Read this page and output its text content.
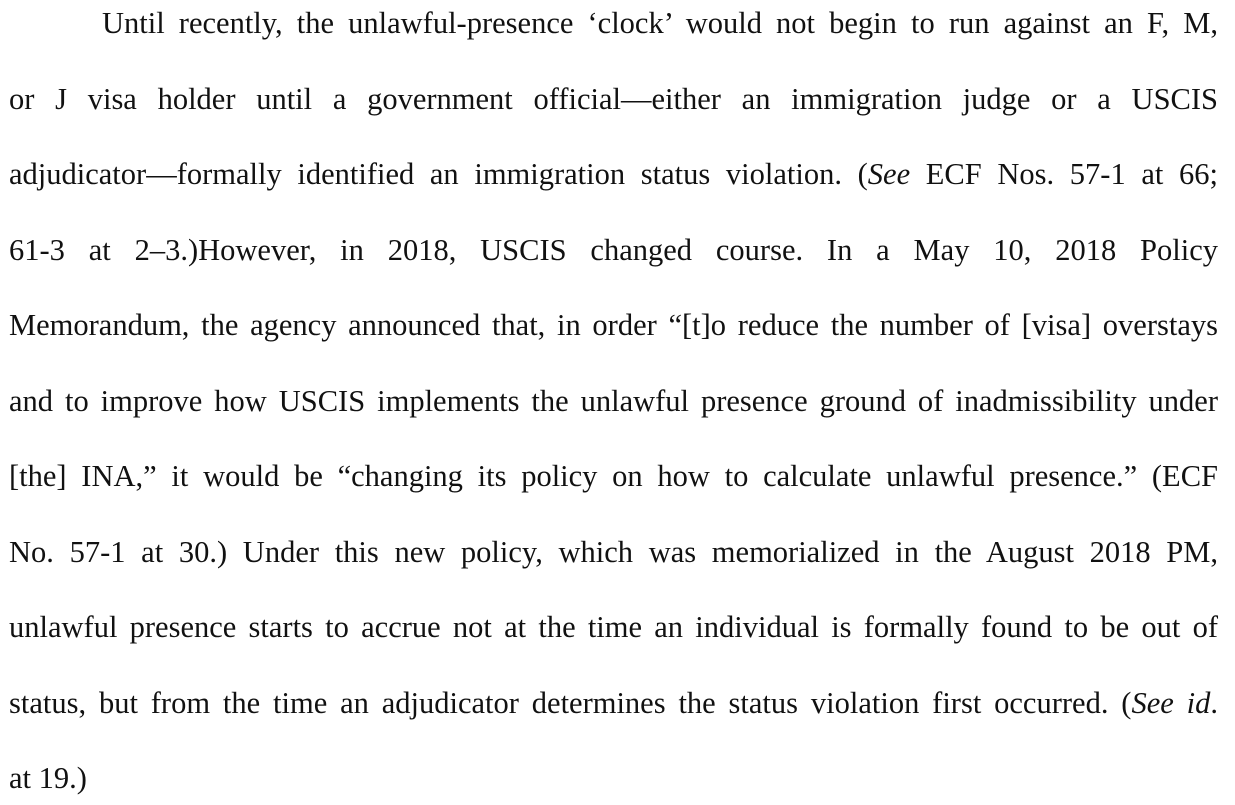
Until recently, the unlawful-presence ‘clock’ would not begin to run against an F, M,
or J visa holder until a government official—either an immigration judge or a USCIS
adjudicator—formally identified an immigration status violation. (See ECF Nos. 57-1 at 66;
61-3 at 2–3.)However, in 2018, USCIS changed course. In a May 10, 2018 Policy
Memorandum, the agency announced that, in order “[t]o reduce the number of [visa] overstays
and to improve how USCIS implements the unlawful presence ground of inadmissibility under
[the] INA,” it would be “changing its policy on how to calculate unlawful presence.” (ECF
No. 57-1 at 30.) Under this new policy, which was memorialized in the August 2018 PM,
unlawful presence starts to accrue not at the time an individual is formally found to be out of
status, but from the time an adjudicator determines the status violation first occurred. (See id.
at 19.)
